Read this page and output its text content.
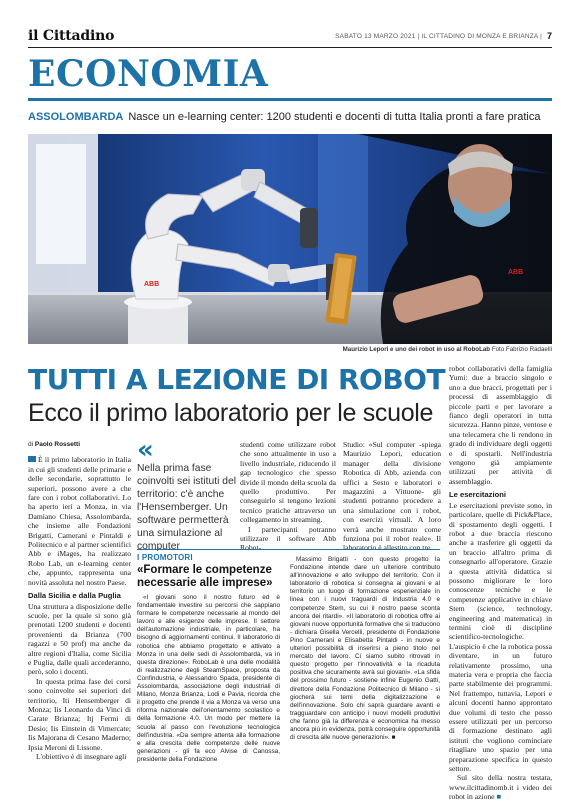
il Cittadino	SABATO 13 MARZO 2021 | IL CITTADINO DI MONZA E BRIANZA | 7
ECONOMIA
ASSOLOMBARDA Nasce un e-learning center: 1200 studenti e docenti di tutta Italia pronti a fare pratica
ABB
ABB
Maurizio Lepori e uno dei robot in uso al RoboLab Foto Fabrizio Radaelli
TUTTI A LEZIONE DI ROBOT
Ecco il primo laboratorio per le scuole
di Paolo Rossetti

È il primo laboratorio in Italia in cui gli studenti delle primarie e delle secondarie, soprattutto le superiori, possono avere a che fare con i robot collaborativi. Lo ha aperto ieri a Monza, in via Damiano Chiesa, Assolombarda, che insieme alle Fondazioni Brigatti, Camerani e Pintaldi e Politecnico e al partner scientifici Abb e iMages, ha realizzato Robo Lab, un e-learning center che, appunto, rappresenta una novità assoluta nel nostro Paese.

Dalla Sicilia e dalla Puglia

Una struttura a disposizione delle scuole, per la quale si sono già prenotati 1200 studenti e docenti provenienti da Brianza (700 ragazzi e 50 prof) ma anche da altre regioni d'Italia, come Sicilia e Puglia, dalle quali accederanno, però, solo i docenti.

In questa prima fase dei corsi sono coinvolte sei superiori del territorio, Iti Hensemberger di Monza; Iis Leonardo da Vinci di Carate Brianza; Itj Fermi di Desio; Iis Einstein di Vimercate; Iis Majorana di Cesano Maderno; Ipsia Meroni di Lissone.

L'obiettivo è di insegnare agli

«
Nella prima fase coinvolti sei istituti del territorio: c'è anche l'Hensemberger. Un software permetterà una simulazione al computer

studenti come utilizzare robot che sono attualmente in uso a livello industriale, riducendo il gap tecnologico che spesso divide il mondo della scuola da quello produttivo. Per conseguirlo si tengono lezioni tecnico pratiche attraverso un collegamento in streaming.

I partecipanti potranno utilizzare il software Abb Robot-

Studio: «Sul computer -spiega Maurizio Lepori, education manager della divisione Robotica di Abb, azienda con uffici a Sesto e laboratori e magazzini a Vittuone- gli studenti potranno procedere a una simulazione con i robot, con esercizi virtuali. A loro verrà anche mostrato come funziona poi il robot reale». Il laboratorio è allestito con tre

robot collaborativi della famiglia Yumi: due a braccio singolo e uno a due bracci, progettati per i processi di assemblaggio di piccole parti e per lavorare a fianco degli operatori in tutta sicurezza. Hanno pinze, ventose e una telecamera che li rendono in grado di individuare degli oggetti e di spostarli. Nell'industria vengono già ampiamente utilizzati per attività di assemblaggio.

Le esercitazioni

Le esercitazioni previste sono, in particolare, quelle di Pick&Place, di spostamento degli oggetti. I robot a due braccia riescono anche a trasferire gli oggetti da un braccio all'altro prima di consegnarlo all'operatore. Grazie a questa attività didattica si possono migliorare le loro conoscenze tecniche e le competenze applicative in chiave Stem (science, technology, engineering and matematica) in termini cioè di discipline scientifico-tecnologiche. L'auspicio è che la robotica possa diventare, in un futuro relativamente prossimo, una materia vera e propria che faccia parte stabilmente dei programmi. Nel frattempo, tuttavia, Lepori e alcuni docenti hanno approntato due volumi di testo che posso essere utilizzati per un percorso di formazione destinato agli istituti che vogliono cominciare ritagliare uno spazio per una preparazione specifica in questo settore.

Sul sito della nostra testata, www.ilcittadinomb.it i video dei robot in azione ■

I PROMOTORI
«Formare le competenze necessarie alle imprese»

«I giovani sono il nostro futuro ed è fondamentale investire su percorsi che sappiano formare le competenze necessarie al mondo del lavoro e alle esigenze delle imprese. Il settore dell'automazione industriale, in particolare, ha bisogno di aggiornamenti continui. Il laboratorio di robotica che abbiamo progettato e attivato a Monza in una delle sedi di Assolombarda, va in questa direzione». RoboLab è una delle modalità di realizzazione degli SteamSpace, proposta da Confindustria, e Alessandro Spada, presidente di Assolombarda, associazione degli industriali di Milano, Monza Brianza, Lodi e Pavia, ricorda che il progetto che prende il via a Monza va verso una riforma nazionale dell'orientamento scolastico e della formazione 4.0. Un modo per mettere la scuola al passo con l'evoluzione tecnologica dell'industria. «Da sempre attenta alla formazione e alla crescita delle competenze delle nuove generazioni - gli fa eco Alvise di Canossa, presidente della Fondazione

Massimo Brigatti - con questo progetto la Fondazione intende dare un ulteriore contributo all'innovazione e allo sviluppo del territorio. Con il laboratorio di robotica si consegna ai giovani e al territorio un luogo di formazione esperienziale in linea con i nuovi traguardi di Industria 4.0 e competenze Stem, su cui il nostro paese sconta ancora dei ritardi». «Il laboratorio di robotica offre ai giovani nuove opportunità formative che si traducono - dichiara Gisella Vercelli, presidente di Fondazione Pino Camerani e Elisabetta Pintaldi - in nuove e ulteriori possibilità di inserirsi a pieno titolo nel mercato del lavoro. Ci siamo subito ritrovati in questo progetto per l'innovatività e la ricaduta positiva che sicuramente avrà sui giovani». «La sfida del prossimo futuro - sostiene infine Eugenio Gatti, direttore della Fondazione Politecnico di Milano - si giocherà sui temi della digitalizzazione e dell'innovazione. Solo chi saprà guardare avanti e tragguardare con anticipo i nuovi modelli produttivi che fanno già la differenza e economica ha messo ancora più in evidenza, potrà conseguire opportunità di crescita alle nuove generazioni». ■
